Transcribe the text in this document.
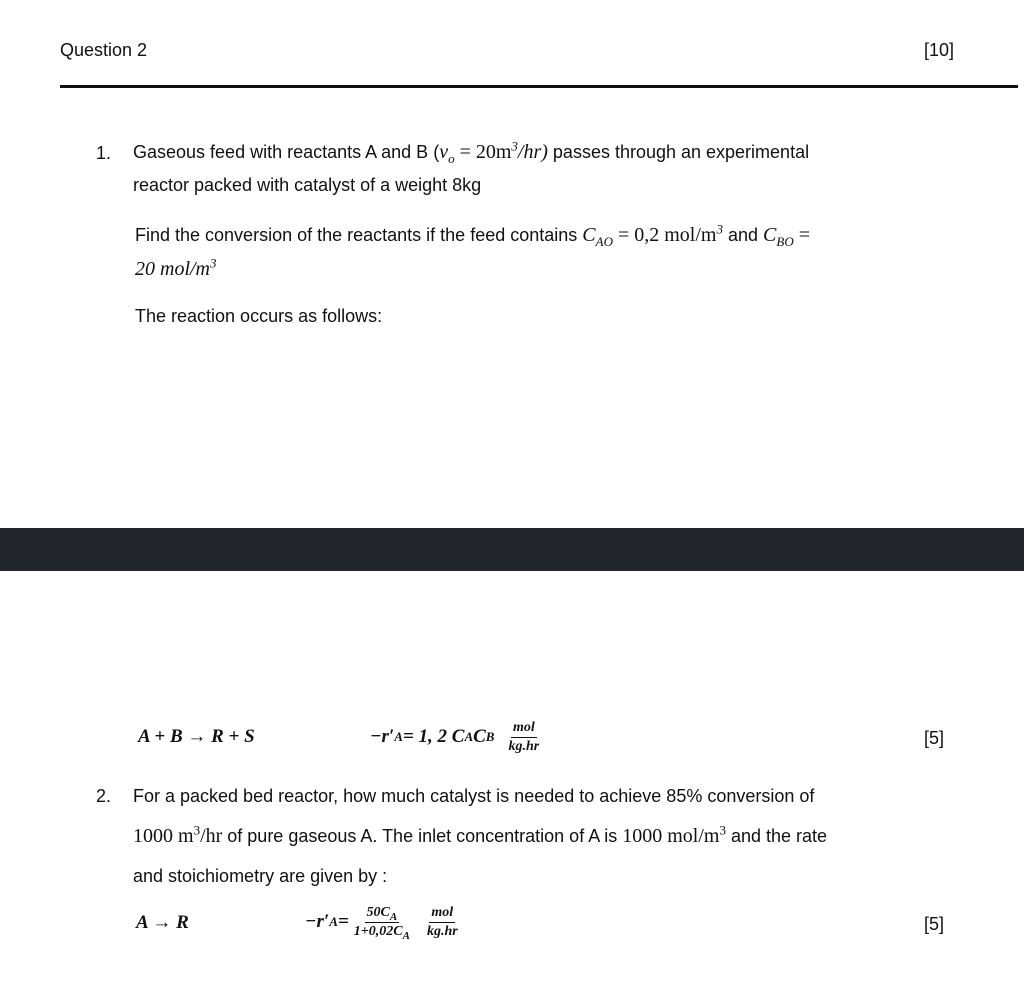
Question 2	[10]
1. Gaseous feed with reactants A and B $(v_o = 20m^3/hr)$ passes through an experimental
reactor packed with catalyst of a weight 8kg
Find the conversion of the reactants if the feed contains $C_{AO} = 0,2$ mol/$m^3$ and $C_{BO}$ =
20 mol/$m^3$
The reaction occurs as follows:
A + B → R + S	−r′ A = 1, 2 C A C B $\frac{\text{mol}}{kg.hr}$	[5]
2. For a packed bed reactor, how much catalyst is needed to achieve 85% conversion of
1000 $m^3/hr$ of pure gaseous A. The inlet concentration of A is 1000 mol/$m^3$ and the rate
and stoichiometry are given by :
A → R	−r′ $A = \frac{50C_A}{1+0,02C_A} \frac{\text{mol}}{kg.hr}$	[5]
